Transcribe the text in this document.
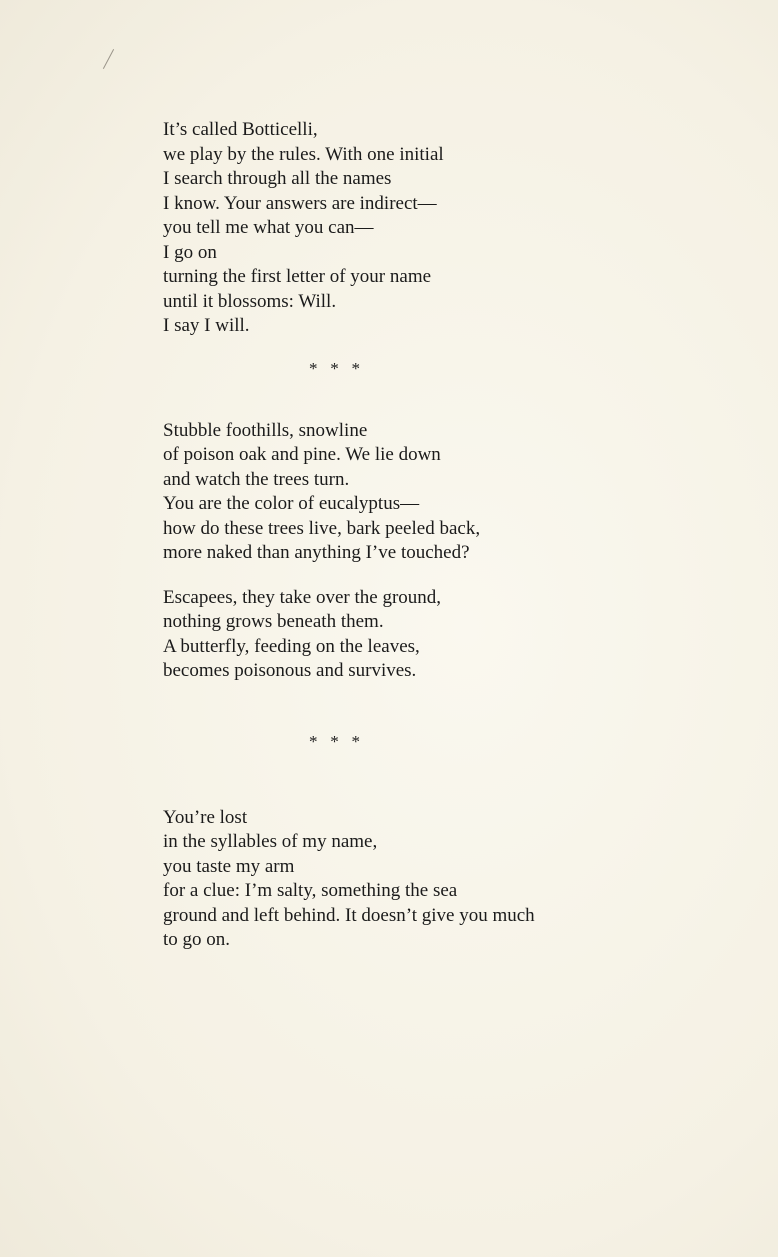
It’s called Botticelli,
we play by the rules. With one initial
I search through all the names
I know. Your answers are indirect—
you tell me what you can—
I go on
turning the first letter of your name
until it blossoms: Will.
I say I will.
*   *   *
Stubble foothills, snowline
of poison oak and pine. We lie down
and watch the trees turn.
You are the color of eucalyptus—
how do these trees live, bark peeled back,
more naked than anything I’ve touched?
Escapees, they take over the ground,
nothing grows beneath them.
A butterfly, feeding on the leaves,
becomes poisonous and survives.
*   *   *
You’re lost
in the syllables of my name,
you taste my arm
for a clue: I’m salty, something the sea
ground and left behind. It doesn’t give you much
to go on.
